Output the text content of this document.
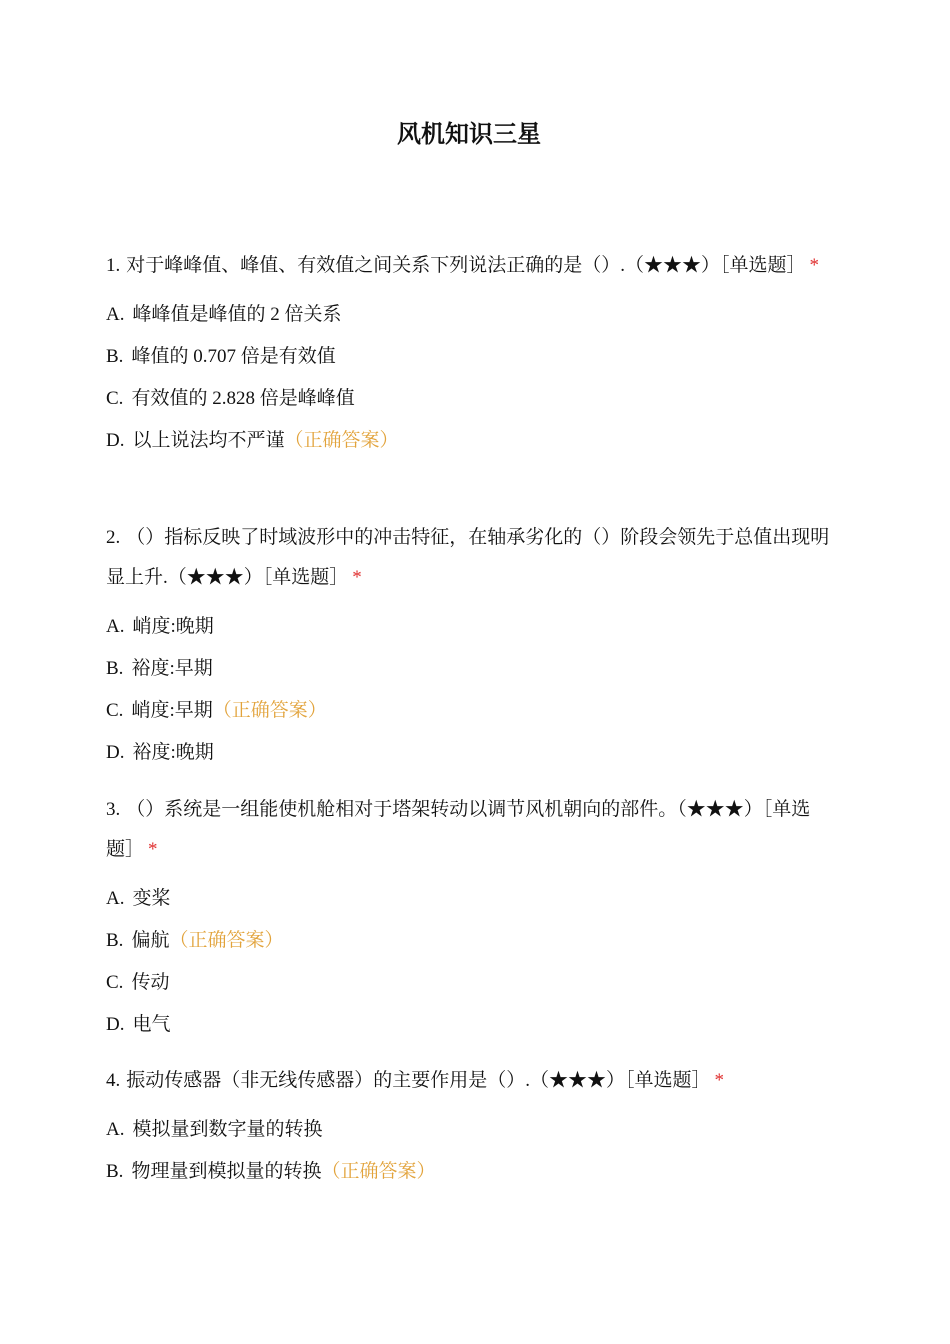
风机知识三星

1. 对于峰峰值、峰值、有效值之间关系下列说法正确的是（）.（★★★）［单选题］ *

A. 峰峰值是峰值的 2 倍关系
B. 峰值的 0.707 倍是有效值
C. 有效值的 2.828 倍是峰峰值
D. 以上说法均不严谨（正确答案）

2. （）指标反映了时域波形中的冲击特征，在轴承劣化的（）阶段会领先于总值出现明显上升.（★★★）［单选题］ *

A. 峭度:晚期
B. 裕度:早期
C. 峭度:早期（正确答案）
D. 裕度:晚期

3. （）系统是一组能使机舱相对于塔架转动以调节风机朝向的部件。（★★★）［单选题］ *

A. 变桨
B. 偏航（正确答案）
C. 传动
D. 电气

4. 振动传感器（非无线传感器）的主要作用是（）.（★★★）［单选题］ *

A. 模拟量到数字量的转换
B. 物理量到模拟量的转换（正确答案）
